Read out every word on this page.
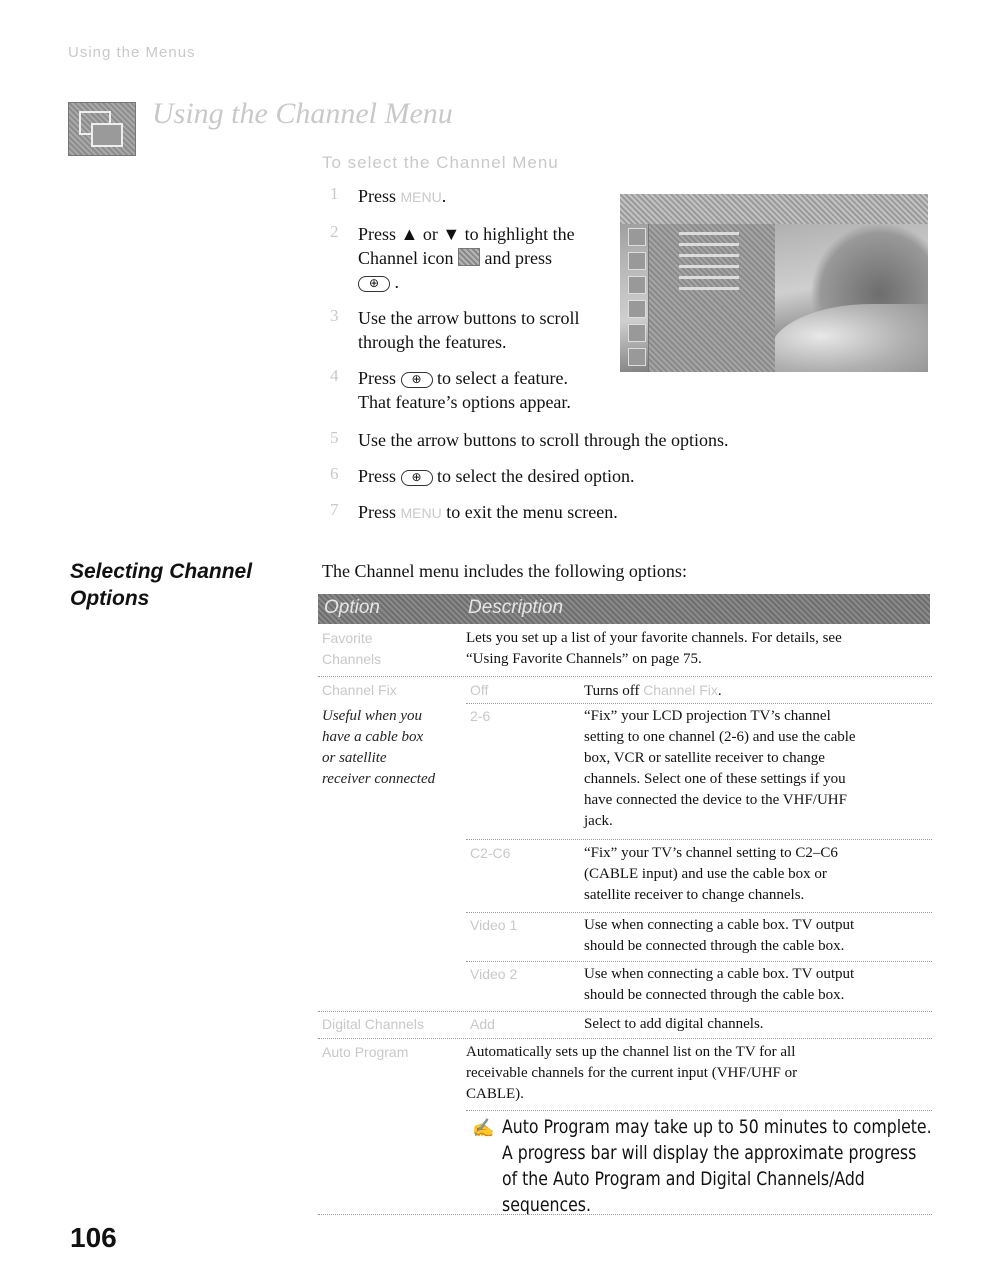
Using the Menus
Using the Channel Menu
To select the Channel Menu
1	Press MENU.
2	Press ▲ or ▼ to highlight the
Channel icon and press
⊕ .
3	Use the arrow buttons to scroll
through the features.
4	Press ⊕ to select a feature.
That feature’s options appear.
5	Use the arrow buttons to scroll through the options.
6	Press ⊕ to select the desired option.
7	Press MENU to exit the menu screen.
Selecting Channel Options
The Channel menu includes the following options:
Option	Description
Favorite
Channels
Lets you set up a list of your favorite channels. For details, see
“Using Favorite Channels” on page 75.
Channel Fix	Off	Turns off Channel Fix.
Useful when you
have a cable box
or satellite
receiver connected
2-6	“Fix” your LCD projection TV’s channel
setting to one channel (2-6) and use the cable
box, VCR or satellite receiver to change
channels. Select one of these settings if you
have connected the device to the VHF/UHF
jack.
C2-C6	“Fix” your TV’s channel setting to C2–C6
(CABLE input) and use the cable box or
satellite receiver to change channels.
Video 1	Use when connecting a cable box. TV output
should be connected through the cable box.
Video 2	Use when connecting a cable box. TV output
should be connected through the cable box.
Digital Channels	Add	Select to add digital channels.
Auto Program	Automatically sets up the channel list on the TV for all
receivable channels for the current input (VHF/UHF or
CABLE).
✍ Auto Program may take up to 50 minutes to complete.
A progress bar will display the approximate progress
of the Auto Program and Digital Channels/Add
sequences.
106
